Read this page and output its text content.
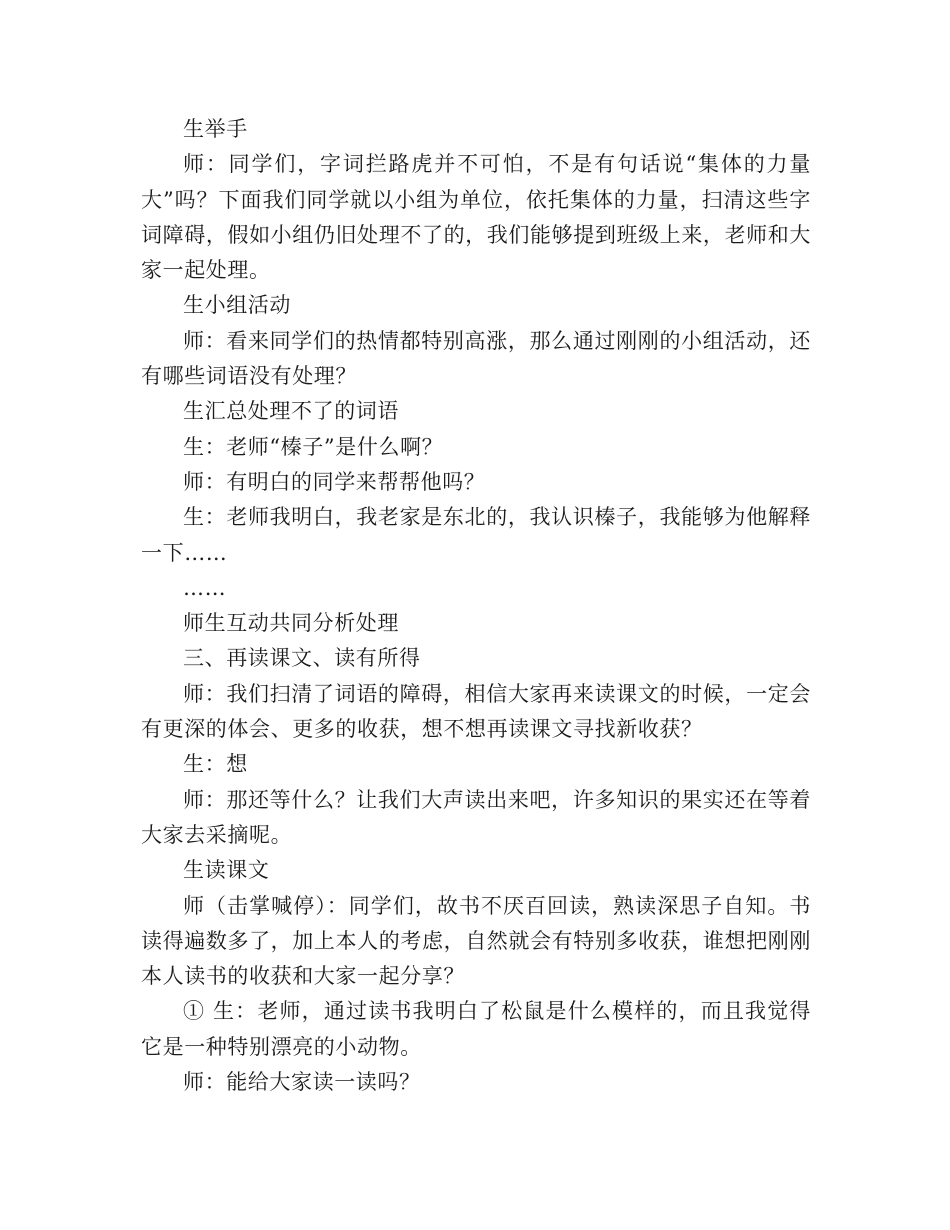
生举手

师：同学们，字词拦路虎并不可怕，不是有句话说“集体的力量大”吗？下面我们同学就以小组为单位，依托集体的力量，扫清这些字词障碍，假如小组仍旧处理不了的，我们能够提到班级上来，老师和大家一起处理。

生小组活动

师：看来同学们的热情都特别高涨，那么通过刚刚的小组活动，还有哪些词语没有处理？

生汇总处理不了的词语

生：老师“榛子”是什么啊？

师：有明白的同学来帮帮他吗？

生：老师我明白，我老家是东北的，我认识榛子，我能够为他解释一下……

……

师生互动共同分析处理

三、再读课文、读有所得

师：我们扫清了词语的障碍，相信大家再来读课文的时候，一定会有更深的体会、更多的收获，想不想再读课文寻找新收获？

生：想

师：那还等什么？让我们大声读出来吧，许多知识的果实还在等着大家去采摘呢。

生读课文

师（击掌喊停）：同学们，故书不厌百回读，熟读深思子自知。书读得遍数多了，加上本人的考虑，自然就会有特别多收获，谁想把刚刚本人读书的收获和大家一起分享？

① 生：老师，通过读书我明白了松鼠是什么模样的，而且我觉得它是一种特别漂亮的小动物。

师：能给大家读一读吗？
